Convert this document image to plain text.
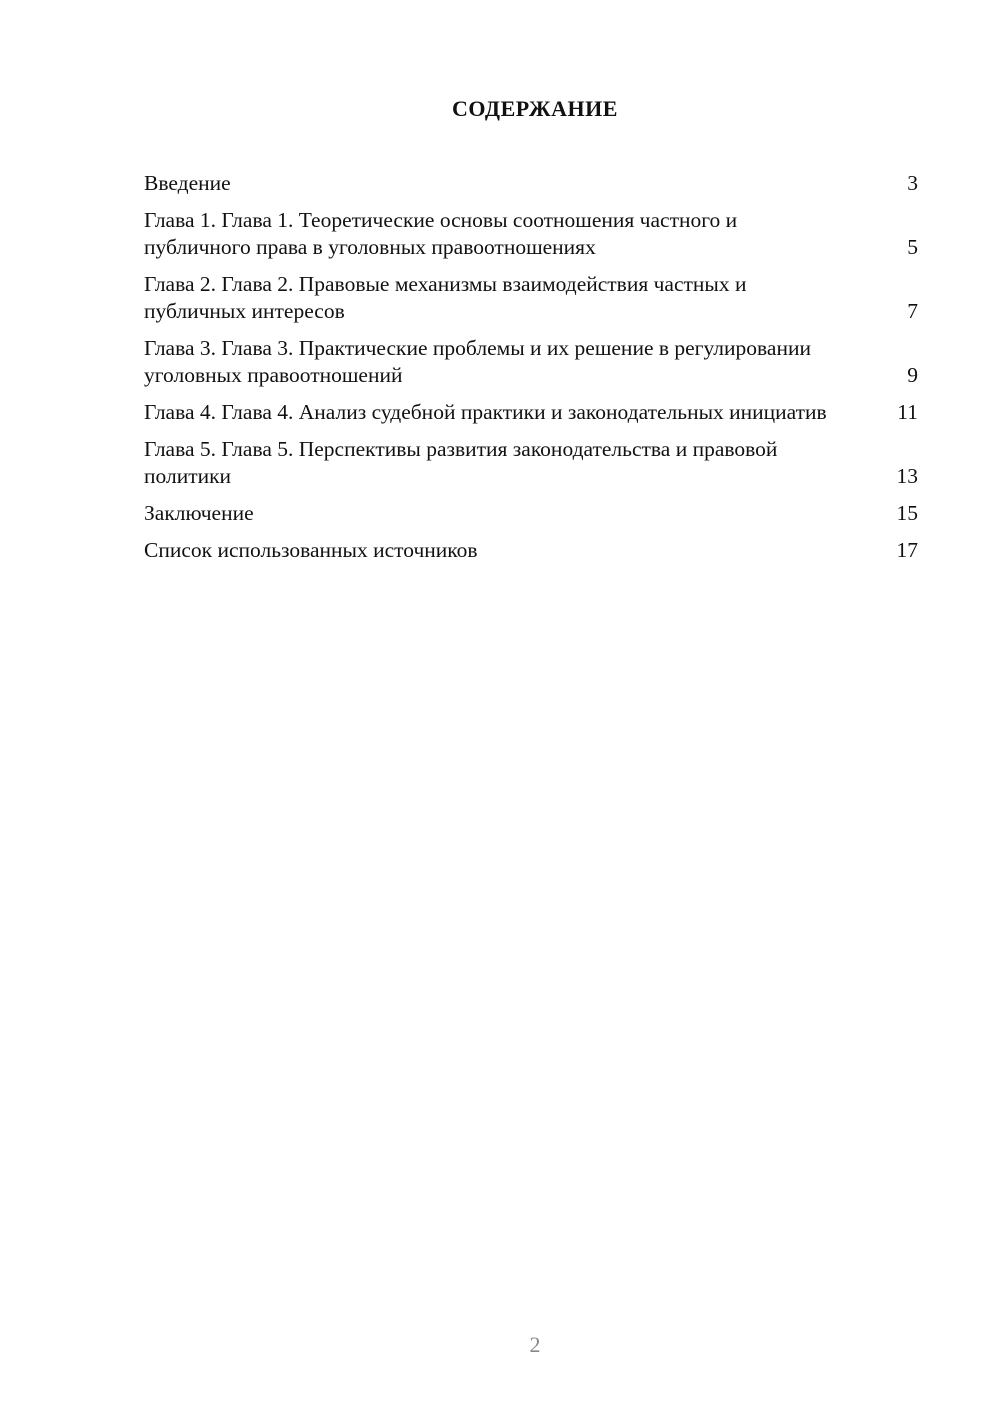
СОДЕРЖАНИЕ
Введение	3
Глава 1. Глава 1. Теоретические основы соотношения частного и публичного права в уголовных правоотношениях	5
Глава 2. Глава 2. Правовые механизмы взаимодействия частных и публичных интересов	7
Глава 3. Глава 3. Практические проблемы и их решение в регулировании уголовных правоотношений	9
Глава 4. Глава 4. Анализ судебной практики и законодательных инициатив	11
Глава 5. Глава 5. Перспективы развития законодательства и правовой политики	13
Заключение	15
Список использованных источников	17
2
